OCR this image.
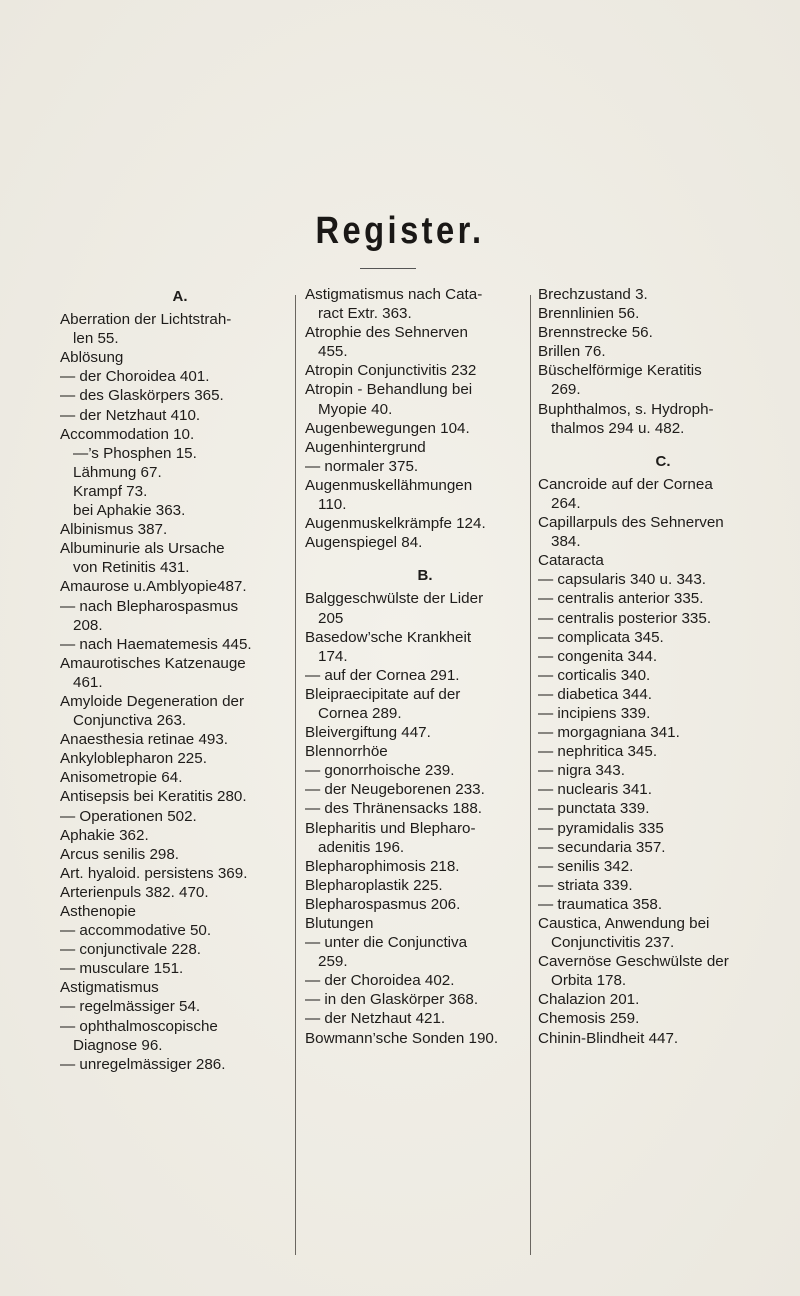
Register.
A.
Aberration der Lichtstrah-
len 55.
Ablösung
— der Choroidea 401.
— des Glaskörpers 365.
— der Netzhaut 410.
Accommodation 10.
—’s Phosphen 15.
Lähmung 67.
Krampf 73.
bei Aphakie 363.
Albinismus 387.
Albuminurie als Ursache
von Retinitis 431.
Amaurose u.Amblyopie487.
— nach Blepharospasmus
208.
— nach Haematemesis 445.
Amaurotisches Katzenauge
461.
Amyloide Degeneration der
Conjunctiva 263.
Anaesthesia retinae 493.
Ankyloblepharon 225.
Anisometropie 64.
Antisepsis bei Keratitis 280.
— Operationen 502.
Aphakie 362.
Arcus senilis 298.
Art. hyaloid. persistens 369.
Arterienpuls 382. 470.
Asthenopie
— accommodative 50.
— conjunctivale 228.
— musculare 151.
Astigmatismus
— regelmässiger 54.
— ophthalmoscopische
Diagnose 96.
— unregelmässiger 286.
Astigmatismus nach Cata-
ract Extr. 363.
Atrophie des Sehnerven
455.
Atropin Conjunctivitis 232
Atropin - Behandlung bei
Myopie 40.
Augenbewegungen 104.
Augenhintergrund
— normaler 375.
Augenmuskellähmungen
110.
Augenmuskelkrämpfe 124.
Augenspiegel 84.
B.
Balggeschwülste der Lider
205
Basedow’sche Krankheit
174.
— auf der Cornea 291.
Bleipraecipitate auf der
Cornea 289.
Bleivergiftung 447.
Blennorrhöe
— gonorrhoische 239.
— der Neugeborenen 233.
— des Thränensacks 188.
Blepharitis und Blepharo-
adenitis 196.
Blepharophimosis 218.
Blepharoplastik 225.
Blepharospasmus 206.
Blutungen
— unter die Conjunctiva
259.
— der Choroidea 402.
— in den Glaskörper 368.
— der Netzhaut 421.
Bowmann’sche Sonden 190.
Brechzustand 3.
Brennlinien 56.
Brennstrecke 56.
Brillen 76.
Büschelförmige Keratitis
269.
Buphthalmos, s. Hydroph-
thalmos 294 u. 482.
C.
Cancroide auf der Cornea
264.
Capillarpuls des Sehnerven
384.
Cataracta
— capsularis 340 u. 343.
— centralis anterior 335.
— centralis posterior 335.
— complicata 345.
— congenita 344.
— corticalis 340.
— diabetica 344.
— incipiens 339.
— morgagniana 341.
— nephritica 345.
— nigra 343.
— nuclearis 341.
— punctata 339.
— pyramidalis 335
— secundaria 357.
— senilis 342.
— striata 339.
— traumatica 358.
Caustica, Anwendung bei
Conjunctivitis 237.
Cavernöse Geschwülste der
Orbita 178.
Chalazion 201.
Chemosis 259.
Chinin-Blindheit 447.
